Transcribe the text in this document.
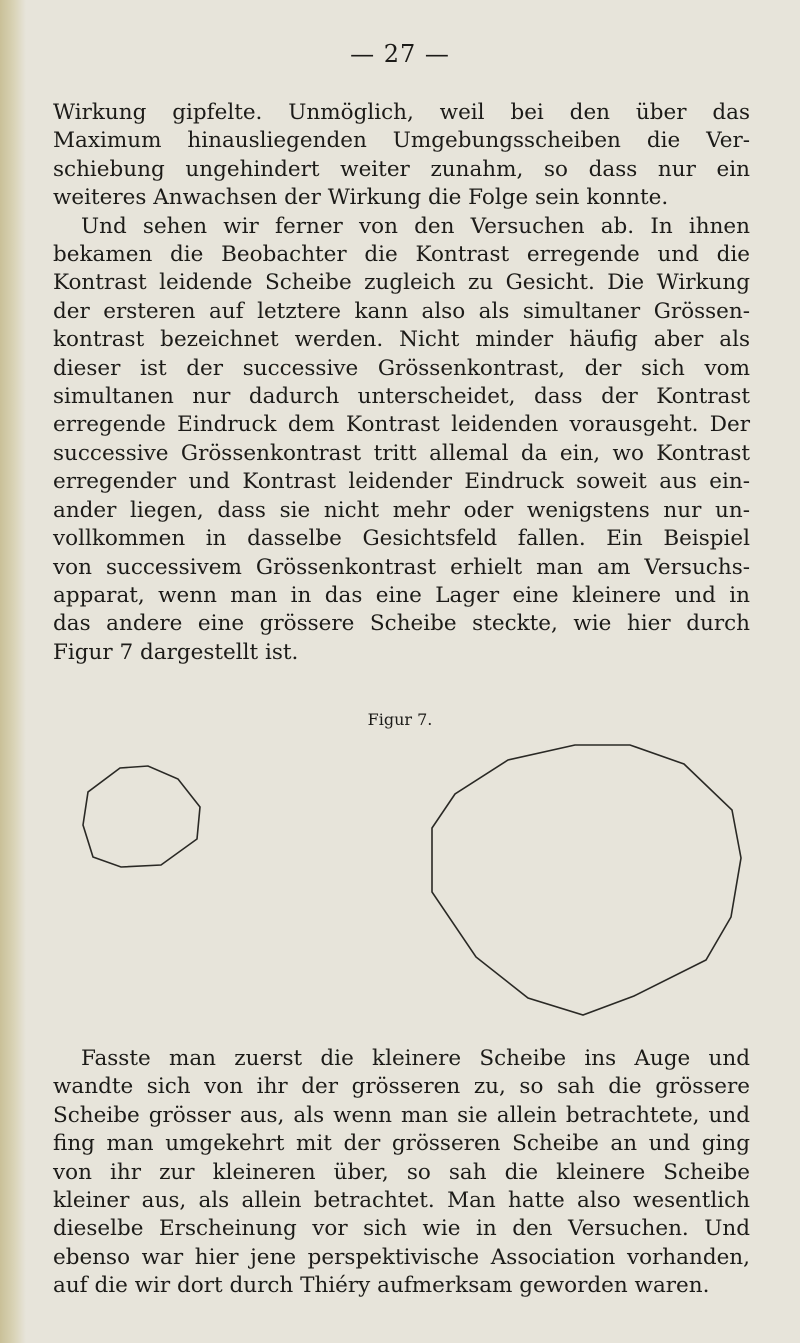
— 27 —
Wirkung gipfelte. Unmöglich, weil bei den über das
Maximum hinausliegenden Umgebungsscheiben die Ver-
schiebung ungehindert weiter zunahm, so dass nur ein
weiteres Anwachsen der Wirkung die Folge sein konnte.
Und sehen wir ferner von den Versuchen ab. In ihnen
bekamen die Beobachter die Kontrast erregende und die
Kontrast leidende Scheibe zugleich zu Gesicht. Die Wirkung
der ersteren auf letztere kann also als simultaner Grössen-
kontrast bezeichnet werden. Nicht minder häufig aber als
dieser ist der successive Grössenkontrast, der sich vom
simultanen nur dadurch unterscheidet, dass der Kontrast
erregende Eindruck dem Kontrast leidenden vorausgeht. Der
successive Grössenkontrast tritt allemal da ein, wo Kontrast
erregender und Kontrast leidender Eindruck soweit aus ein-
ander liegen, dass sie nicht mehr oder wenigstens nur un-
vollkommen in dasselbe Gesichtsfeld fallen. Ein Beispiel
von successivem Grössenkontrast erhielt man am Versuchs-
apparat, wenn man in das eine Lager eine kleinere und in
das andere eine grössere Scheibe steckte, wie hier durch
Figur 7 dargestellt ist.
Figur 7.
Fasste man zuerst die kleinere Scheibe ins Auge und
wandte sich von ihr der grösseren zu, so sah die grössere
Scheibe grösser aus, als wenn man sie allein betrachtete, und
fing man umgekehrt mit der grösseren Scheibe an und ging
von ihr zur kleineren über, so sah die kleinere Scheibe
kleiner aus, als allein betrachtet. Man hatte also wesentlich
dieselbe Erscheinung vor sich wie in den Versuchen. Und
ebenso war hier jene perspektivische Association vorhanden,
auf die wir dort durch Thiéry aufmerksam geworden waren.
